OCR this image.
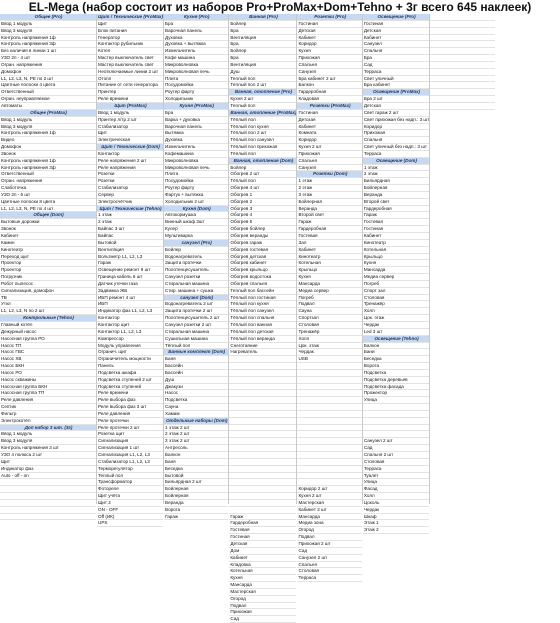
EL-Mega (набор состоит из наборов Pro+ProMax+Dom+Tehno + 3г всего 645 наклеек)
Общее (Pro)
Ввод 1 модуль
Ввод 3 модуля
Контроль напряжения 1ф
Контроль напряжения 3ф
Без наличия в линии 1 шт
УЗО 2п - 4 шт
Огран. напряжения
Домофон
L1, L2, L3, N, PE по 2 шт
Цветные полоски 4 цвета
Ответственный
Огран. неуправляемое
Автоматы
Общее (ProMax)
Ввод 1 модуль
Ввод 3 модуля
Контроль напряжения 1ф
Видео
Домофон
Звонок
Контроль напряжения 1ф
Контроль напряжения 3ф
Ответственный
Огран. напряжения
Слаботочка
УЗО 2п - 6 шт
Цветные полоски 8 цвета
L1, L2, L3, N, PE по 4 шт
Общее (Dom)
Бытовые дорожки
Звонок
Кабинет
Камин
Кинотеатр
Переход щит
Проектор
Проектор
Погрузчик
Робот пылесос
Сигнализация, домофон
ТВ
Утюг
L1, L2, L3, N по 2 шт
Контрольные (Tehno)
Главный котёл
Дежурный насос
Насосная группа РО
Насос ТП
Насос ГВС
Насос ХВ
Насос БКН
Насос РО
Насос скважины
Насосная группа БКН
Насосная группа ТП
Реле давления
Септик
Фильтр
Электрокотёл
Доп набор 3 шт. (3г)
Ввод 1 модуль
Ввод 3 модуля
Контроль напряжения 3 шт
УЗО 4 полюса 2 шт
Щит
Индикатор фаз
Auto - off - on
Щит / Технические (ProMax)
Щит
Блок питания
Генератор
Контактор рубильник
Котел
Мастер выключатель свет
Мастер выключатель свет
Неотключаемые линии 2 шт
Отопл
Питание от сети генератора
Принтер
Реле времени
Щит (ProMax)
Ввод 1 модуль
Принтер л/тр 2 шт
Стабилизатор
Щит
Электрическая
Щит / Технические (Dom)
Контактор
Реле напряжения 2 шт
Реле напряжения
Розетки
Розетки
Стабилизатор
Сервер
Электросчётчик
Щит / Технические (Tehno)
1 этаж
2 этаж
Байпас 3 шт
Байпас
Бытовой
Вентиляция
Вольтметр L1, L2, L3
Гараж
Освещение ремонт 9 шт
Граница кабель 6 шт
Датчик утечки газа
Задвижка ЖБ
ИБП ремонт 4 шт
ИБП
Индикатор фаз L1, L2, L3
Контактор
Контактор щит
Контактор L1, L2, L3
Компрессор
Модуль управления
Огранич. щит
Ограничитель мощности
Панель
Подсветка шкафа
Подсветка ступеней 2 шт
Подсветка ступеней
Реле времени
Реле выбора фаз
Реле выбора фаз 3 шт
Реле давления
Реле протечки
Реле протечки 2 шт
Розетка щит
Сигнализация
Сигнализация 1 шт
Сигнализация L1, L2, L3
Стабилизатор L1, L2, L3
Терморегулятор
Теплый пол
Трансформатор
Фотореле
Щит учёта
Щит 2
ON - OFF
Off (ИК)
UPS
Кухня (Pro)
Бра
Варочная панель
Духовка
Духовка + вытяжка
Измельчитель
Кофе машина
Микроволновка
Микроволновая печь
Плита
Посудомойка
Роутер фарту
Холодильник
Кухня (ProMax)
Бра
Варка + духовка
Варочная панель
Вытяжка
Духовка
Измельчитель
Кофемашина
Микроволновка
Микроволновая печь
Плита
Посудомойка
Роутер фарту
Фартук + вытяжка
Холодильник 2 шт
Кухня (Dom)
Автокормушка
Винный шкаф 3шт
Кулер
Мультиварка
санузел (Pro)
Бойлер
Водонагреватель
Защита протечки
Полотенцесушитель
Санузел розетки
Стиральная машина
Стир. машина + сушка
санузел (Dom)
Водонагреватель 2 шт
Защита протечки 2 шт
Полотенцесушитель 2 шт
Санузел розетки 2 шт
Стиральная машина
Сушильная машина
Тёплый пол
Банные комплект (Dom)
Баня
Бассейн
Бассейн
Душ
Джакузи
Насос
Подсветка
Сауна
Хамам
Отдельные наборы (Dom)
1 этаж 2 шт
2 этаж 2 шт
3 этаж 2 шт
Антресоль
Балкон
Баня
Беседка
Бытовой
Бильярдная 2 шт
Бойлерная
Бойлерная
Веранда
Ворота
Гараж
Ванная (Pro)
Бойлер
Бра
Вентиляция
Бра
Бойлер
Бра
Вентиляция
Душ
Теплый пол
Теплый пол 2 шт
Ванная, отопление (Pro)
Кухня 2 шт
Теплый пол
Ванная, отопление (ProMax)
Тёплый пол
Тёплый пол кухня
Тёплый пол 2 шт
Тёплый пол санузел
Тёплый пол прихожая
Тёплый пол
Ванная, отопление (Dom)
Бойлер
Обогрев 2 шт
Тёплый пол
Обогрев 4 шт
Обогрев 1
Обогрев 2
Обогрев 3
Обогрев 4
Обогрев 5
Обогрев бойлер
Обогрев веранды
Обогрев гараж
Обогрев гостевая
Обогрев детская
Обогрев кабинет
Обогрев крыльцо
Обогрев водостока
Обогрев спальня
Теплый пол бассейн
Тёплый пол гостиная
Тёплый пол кухня
Тёплый пол санузел
Тёплый пол спальня
Тёплый пол ванная
Тёплый пол детская
Тёплый пол веранда
Снеготаяние
Нагреватель
Гараж
Гардеробная
Гостевая
Гостиная
Детская
Дом
Кабинет
Кладовка
Котельная
Кухня
Мансарда
Мастерская
Огород
Подвал
Прихожая
Сад
Розетки (Pro)
Гостиная
Детская
Кабинет
Коридор
Кухня
Прихожая
Спальня
Санузел
Бра кабинет 2 шт
Балкон
Гардеробная
Кладовая
Розетки (ProMax)
Гостиная
Детская
Кабинет
Комната
Коридор
Кухня 2 шт
Прихожая
Спальня
Санузел
Розетки (Dom)
1 этаж
2 этаж
3 этаж
Бойлерная
Веранда
Второй свет
Гараж
Гардеробная
Гостевая
Зал
Кабинет
Кинотеатр
Котельная
Крыльцо
Кухня
Мансарда
Медиа сервер
Погреб
Подвал
Сауна
Спортзал
Столовая
Тренажёр
Холл
Цок. этаж
Чердак
USB
Коридор 2 шт
Кухня 2 шт
Мастерская
Кабинет 2 шт
Мансарда
Медиа зона
Огород
Подвал
Прихожая 2 шт
Сад
Санузел 2 шт
Спальня
Столовая
Терраса
Освещение (Pro)
Гостиная
Детская
Кабинет
Санузел
Спальня
Бра
Сад
Терраса
Свет уличный
Бра кабинет
Освещение (ProMax)
Бра 2 шт
Детская
Свет гараж 2 шт
Свет прихожая без надп.: 3 шт
Коридор
Прихожая
Спальня
Свет уличный без надп.: 3 шт
Терраса
Освещение (Dom)
1 этаж
2 этаж
Бильярдная
Бойлерная
Веранда
Второй свет
Гардеробная
Гараж
Гостевая
Гостиная
Кабинет
Кинотеатр
Котельная
Крыльцо
Кухня
Мансарда
Медиа сервер
Погреб
Спорт зал
Столовая
Тренажёр
Холл
Цок. этаж
Чердак
Led 3 шт
Освещение (Tehno)
Балкон
Бани
Беседка
Ворота
Подсветка
Подсветка деревьев
Подсветка фасада
Прожектор
Улица
Санузел 2 шт
Сад
Спальня 2 шт
Столовая
Терраса
Туалет
Улица
Фасад
Холл
Цоколь
Чердак
Шкаф
Этаж 1
Этаж 2
